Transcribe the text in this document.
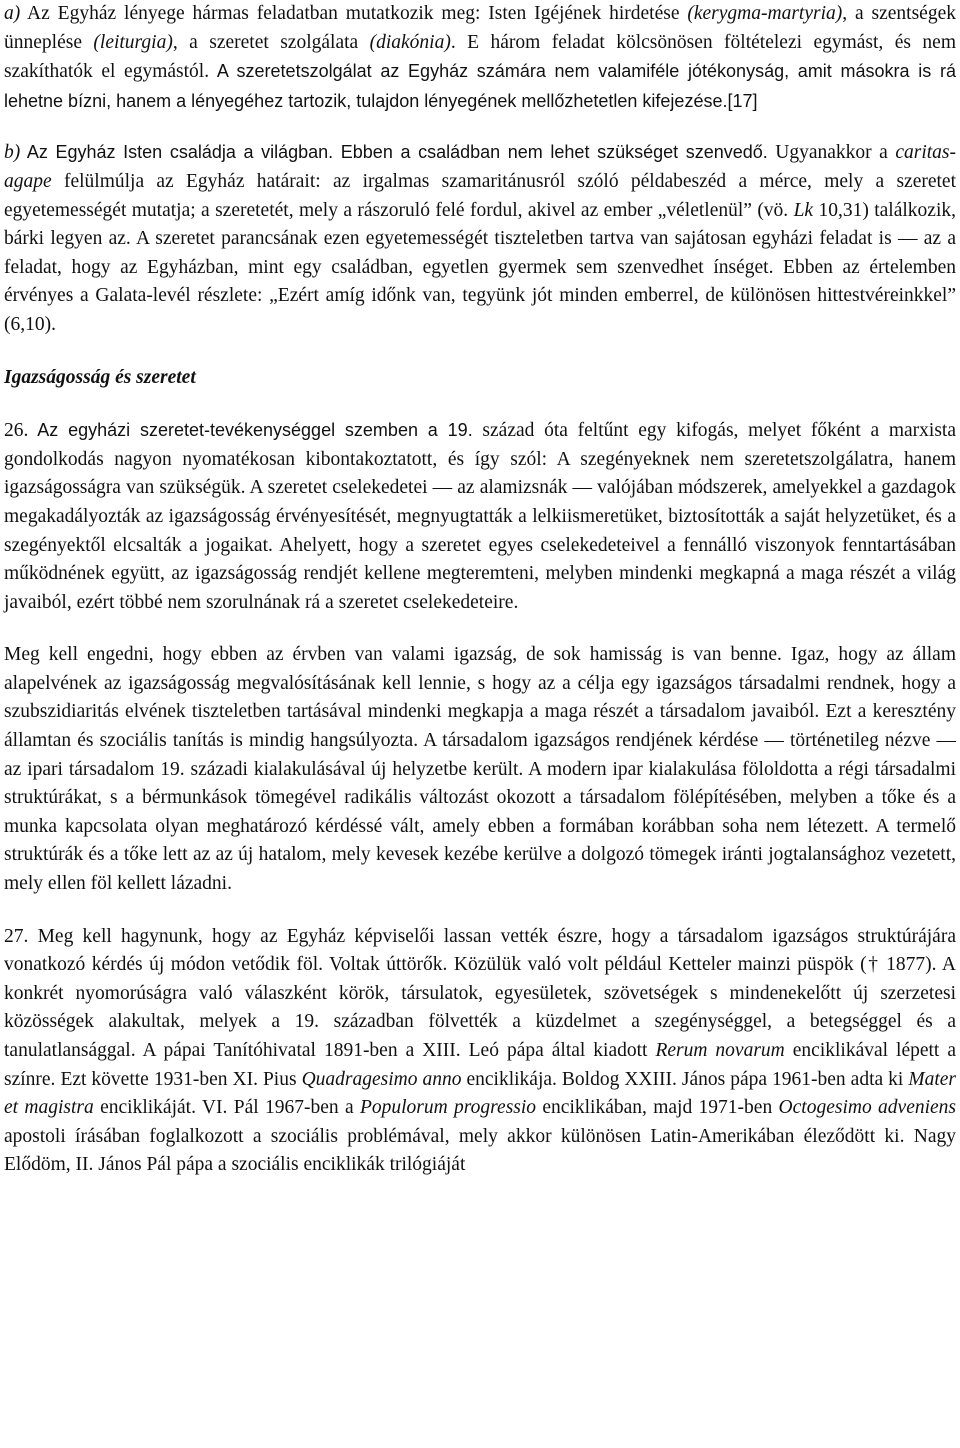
a) Az Egyház lényege hármas feladatban mutatkozik meg: Isten Igéjének hirdetése (kerygma-martyria), a szentségek ünneplése (leiturgia), a szeretet szolgálata (diakónia). E három feladat kölcsönösen föltételezi egymást, és nem szakíthatók el egymástól. A szeretetszolgálat az Egyház számára nem valamiféle jótékonyság, amit másokra is rá lehetne bízni, hanem a lényegéhez tartozik, tulajdon lényegének mellőzhetetlen kifejezése.[17]

b) Az Egyház Isten családja a világban. Ebben a családban nem lehet szükséget szenvedő. Ugyanakkor a caritas-agape felülmúlja az Egyház határait: az irgalmas szamaritánusról szóló példabeszéd a mérce, mely a szeretet egyetemességét mutatja; a szeretetét, mely a rászoruló felé fordul, akivel az ember „véletlenül” (vö. Lk 10,31) találkozik, bárki legyen az. A szeretet parancsának ezen egyetemességét tiszteletben tartva van sajátosan egyházi feladat is — az a feladat, hogy az Egyházban, mint egy családban, egyetlen gyermek sem szenvedhet ínséget. Ebben az értelemben érvényes a Galata-levél részlete: „Ezért amíg időnk van, tegyünk jót minden emberrel, de különösen hittestvéreinkkel” (6,10).

Igazságosság és szeretet

26. Az egyházi szeretet-tevékenységgel szemben a 19. század óta feltűnt egy kifogás, melyet főként a marxista gondolkodás nagyon nyomatékosan kibontakoztatott, és így szól: A szegényeknek nem szeretetszolgálatra, hanem igazságosságra van szükségük. A szeretet cselekedetei — az alamizsnák — valójában módszerek, amelyekkel a gazdagok megakadályozták az igazságosság érvényesítését, megnyugtatták a lelkiismeretüket, biztosították a saját helyzetüket, és a szegényektől elcsalták a jogaikat. Ahelyett, hogy a szeretet egyes cselekedeteivel a fennálló viszonyok fenntartásában működnének együtt, az igazságosság rendjét kellene megteremteni, melyben mindenki megkapná a maga részét a világ javaiból, ezért többé nem szorulnának rá a szeretet cselekedeteire.

Meg kell engedni, hogy ebben az érvben van valami igazság, de sok hamisság is van benne. Igaz, hogy az állam alapelvének az igazságosság megvalósításának kell lennie, s hogy az a célja egy igazságos társadalmi rendnek, hogy a szubszidiaritás elvének tiszteletben tartásával mindenki megkapja a maga részét a társadalom javaiból. Ezt a keresztény államtan és szociális tanítás is mindig hangsúlyozta. A társadalom igazságos rendjének kérdése — történetileg nézve — az ipari társadalom 19. századi kialakulásával új helyzetbe került. A modern ipar kialakulása föloldotta a régi társadalmi struktúrákat, s a bérmunkások tömegével radikális változást okozott a társadalom fölépítésében, melyben a tőke és a munka kapcsolata olyan meghatározó kérdéssé vált, amely ebben a formában korábban soha nem létezett. A termelő struktúrák és a tőke lett az az új hatalom, mely kevesek kezébe kerülve a dolgozó tömegek iránti jogtalansághoz vezetett, mely ellen föl kellett lázadni.

27. Meg kell hagynunk, hogy az Egyház képviselői lassan vették észre, hogy a társadalom igazságos struktúrájára vonatkozó kérdés új módon vetődik föl. Voltak úttörők. Közülük való volt például Ketteler mainzi püspök († 1877). A konkrét nyomorúságra való válaszként körök, társulatok, egyesületek, szövetségek s mindenekelőtt új szerzetesi közösségek alakultak, melyek a 19. században fölvették a küzdelmet a szegénységgel, a betegséggel és a tanulatlansággal. A pápai Tanítóhivatal 1891-ben a XIII. Leó pápa által kiadott Rerum novarum enciklikával lépett a színre. Ezt követte 1931-ben XI. Pius Quadragesimo anno enciklikája. Boldog XXIII. János pápa 1961-ben adta ki Mater et magistra enciklikáját. VI. Pál 1967-ben a Populorum progressio enciklikában, majd 1971-ben Octogesimo adveniens apostoli írásában foglalkozott a szociális problémával, mely akkor különösen Latin-Amerikában éleződött ki. Nagy Elődöm, II. János Pál pápa a szociális enciklikák trilógiáját
